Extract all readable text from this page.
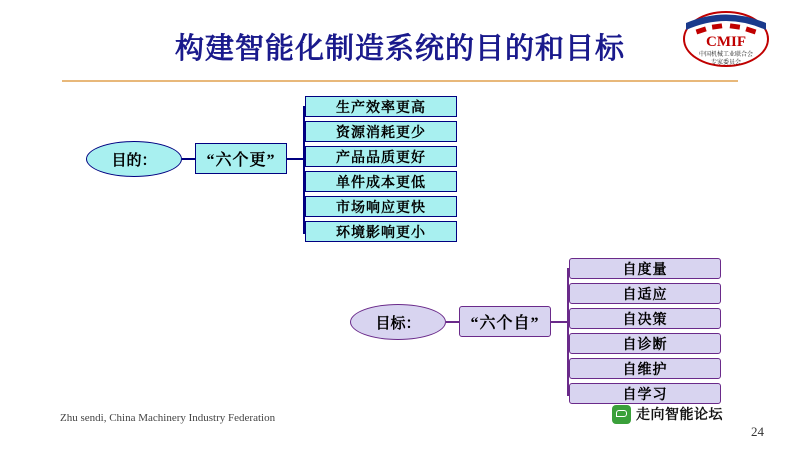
构建智能化制造系统的目的和目标	CMIF
中国机械工业联合会
专家委员会
目的：	“六个更”
生产效率更高
资源消耗更少
产品品质更好
单件成本更低
市场响应更快
环境影响更小
目标：	“六个自”
自度量
自适应
自决策
自诊断
自维护
自学习
Zhu sendi, China Machinery Industry Federation
24
走向智能论坛
